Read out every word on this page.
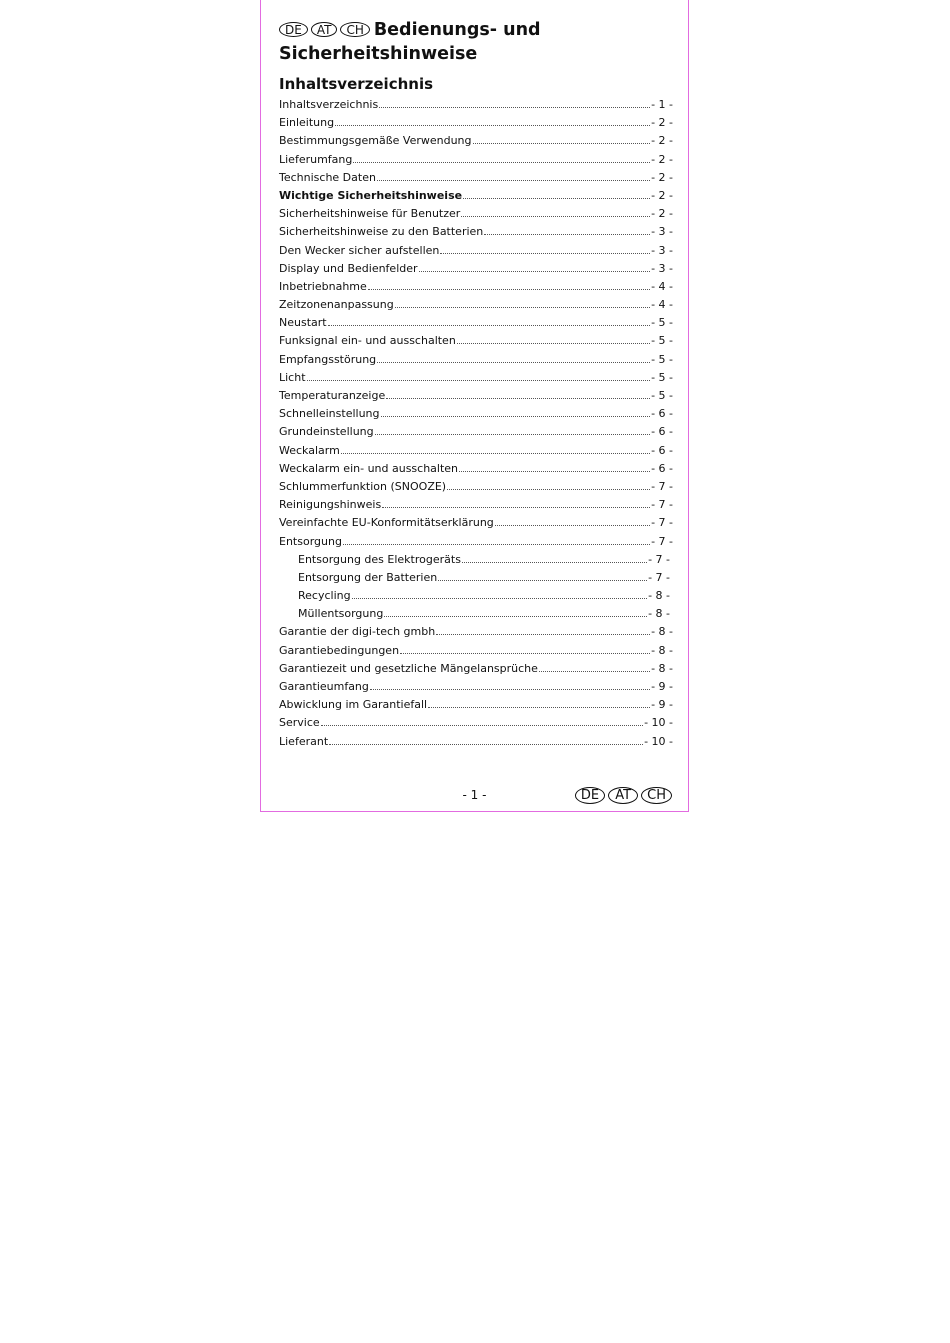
DE	AT	CH Bedienungs- und
Sicherheitshinweise
Inhaltsverzeichnis
Inhaltsverzeichnis	- 1 -
Einleitung	- 2 -
Bestimmungsgemäße Verwendung	- 2 -
Lieferumfang	- 2 -
Technische Daten	- 2 -
Wichtige Sicherheitshinweise	- 2 -
Sicherheitshinweise für Benutzer	- 2 -
Sicherheitshinweise zu den Batterien	- 3 -
Den Wecker sicher aufstellen	- 3 -
Display und Bedienfelder	- 3 -
Inbetriebnahme	- 4 -
Zeitzonenanpassung	- 4 -
Neustart	- 5 -
Funksignal ein- und ausschalten	- 5 -
Empfangsstörung	- 5 -
Licht	- 5 -
Temperaturanzeige	- 5 -
Schnelleinstellung	- 6 -
Grundeinstellung	- 6 -
Weckalarm	- 6 -
Weckalarm ein- und ausschalten	- 6 -
Schlummerfunktion (SNOOZE)	- 7 -
Reinigungshinweis	- 7 -
Vereinfachte EU-Konformitätserklärung	- 7 -
Entsorgung	- 7 -
Entsorgung des Elektrogeräts	- 7 -
Entsorgung der Batterien	- 7 -
Recycling	- 8 -
Müllentsorgung	- 8 -
Garantie der digi-tech gmbh	- 8 -
Garantiebedingungen	- 8 -
Garantiezeit und gesetzliche Mängelansprüche	- 8 -
Garantieumfang	- 9 -
Abwicklung im Garantiefall	- 9 -
Service	- 10 -
Lieferant	- 10 -
- 1 -	DE	AT	CH
